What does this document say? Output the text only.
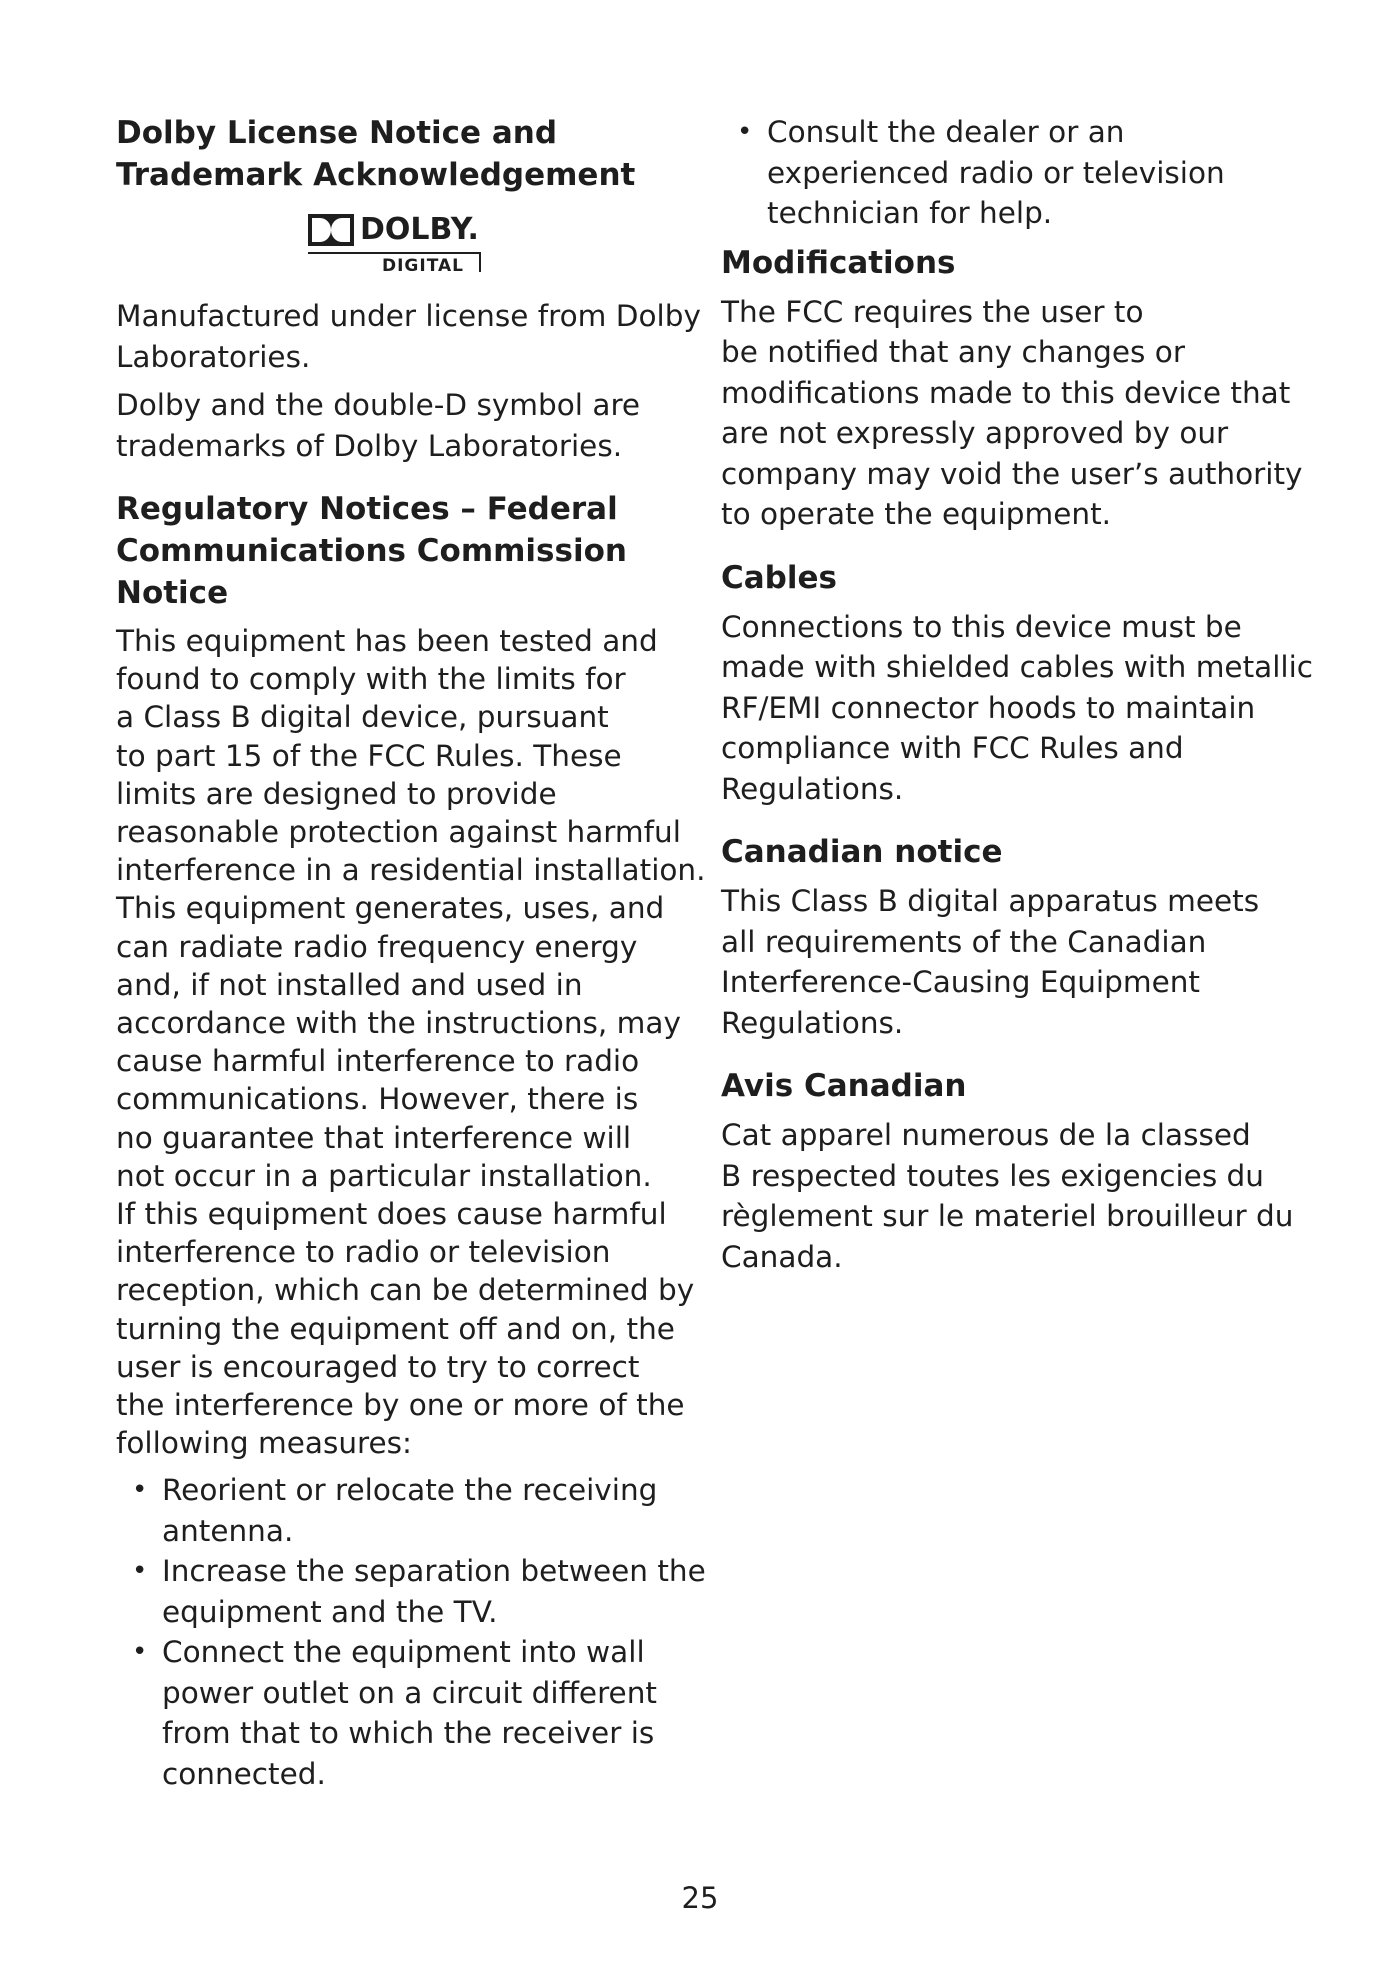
Dolby License Notice and
Trademark Acknowledgement
DOLBY.
DIGITAL

Manufactured under license from Dolby
Laboratories.

Dolby and the double-D symbol are
trademarks of Dolby Laboratories.

Regulatory Notices – Federal
Communications Commission
Notice

This equipment has been tested and
found to comply with the limits for
a Class B digital device, pursuant
to part 15 of the FCC Rules. These
limits are designed to provide
reasonable protection against harmful
interference in a residential installation.
This equipment generates, uses, and
can radiate radio frequency energy
and, if not installed and used in
accordance with the instructions, may
cause harmful interference to radio
communications. However, there is
no guarantee that interference will
not occur in a particular installation.
If this equipment does cause harmful
interference to radio or television
reception, which can be determined by
turning the equipment off and on, the
user is encouraged to try to correct
the interference by one or more of the
following measures:

• Reorient or relocate the receiving
antenna.

• Increase the separation between the
equipment and the TV.

• Connect the equipment into wall
power outlet on a circuit different
from that to which the receiver is
connected.

• Consult the dealer or an
experienced radio or television
technician for help.

Modifications

The FCC requires the user to
be notified that any changes or
modifications made to this device that
are not expressly approved by our
company may void the user’s authority
to operate the equipment.

Cables

Connections to this device must be
made with shielded cables with metallic
RF/EMI connector hoods to maintain
compliance with FCC Rules and
Regulations.

Canadian notice

This Class B digital apparatus meets
all requirements of the Canadian
Interference-Causing Equipment
Regulations.

Avis Canadian

Cat apparel numerous de la classed
B respected toutes les exigencies du
règlement sur le materiel brouilleur du
Canada.

25
